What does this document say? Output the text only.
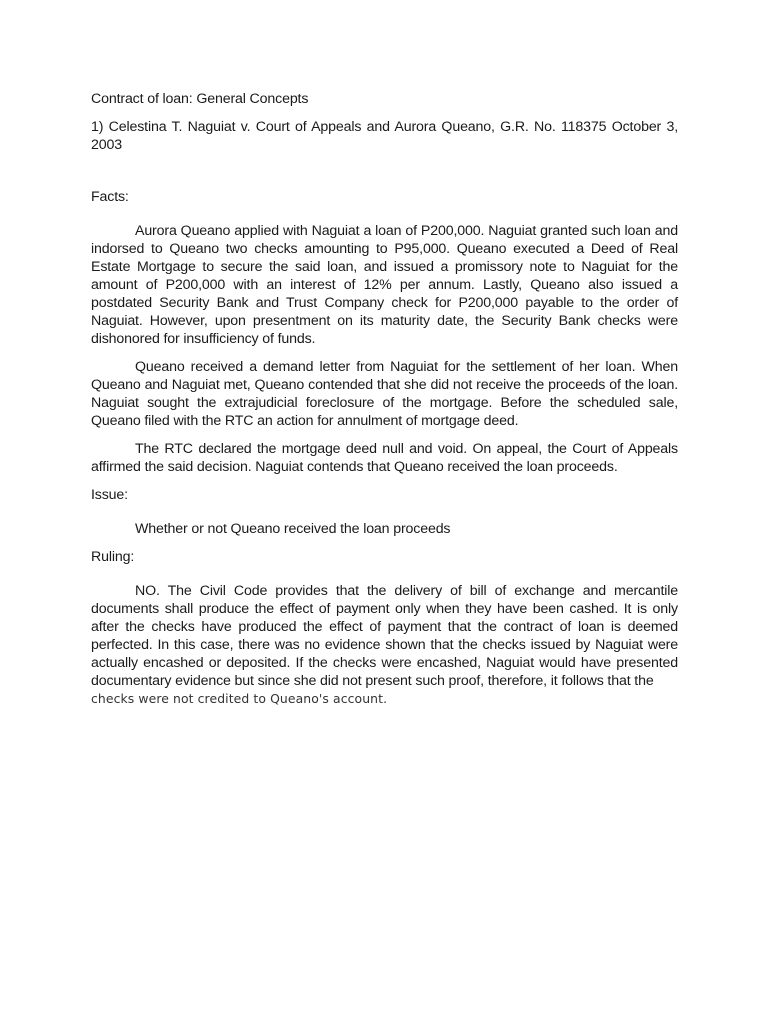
Contract of loan: General Concepts

1) Celestina T. Naguiat v. Court of Appeals and Aurora Queano, G.R. No. 118375 October 3, 2003

Facts:

Aurora Queano applied with Naguiat a loan of P200,000. Naguiat granted such loan and indorsed to Queano two checks amounting to P95,000. Queano executed a Deed of Real Estate Mortgage to secure the said loan, and issued a promissory note to Naguiat for the amount of P200,000 with an interest of 12% per annum. Lastly, Queano also issued a postdated Security Bank and Trust Company check for P200,000 payable to the order of Naguiat. However, upon presentment on its maturity date, the Security Bank checks were dishonored for insufficiency of funds.

Queano received a demand letter from Naguiat for the settlement of her loan. When Queano and Naguiat met, Queano contended that she did not receive the proceeds of the loan. Naguiat sought the extrajudicial foreclosure of the mortgage. Before the scheduled sale, Queano filed with the RTC an action for annulment of mortgage deed.

The RTC declared the mortgage deed null and void. On appeal, the Court of Appeals affirmed the said decision. Naguiat contends that Queano received the loan proceeds.

Issue:

Whether or not Queano received the loan proceeds

Ruling:

NO. The Civil Code provides that the delivery of bill of exchange and mercantile documents shall produce the effect of payment only when they have been cashed. It is only after the checks have produced the effect of payment that the contract of loan is deemed perfected. In this case, there was no evidence shown that the checks issued by Naguiat were actually encashed or deposited. If the checks were encashed, Naguiat would have presented documentary evidence but since she did not present such proof, therefore, it follows that the

checks were not credited to Queano's account.
